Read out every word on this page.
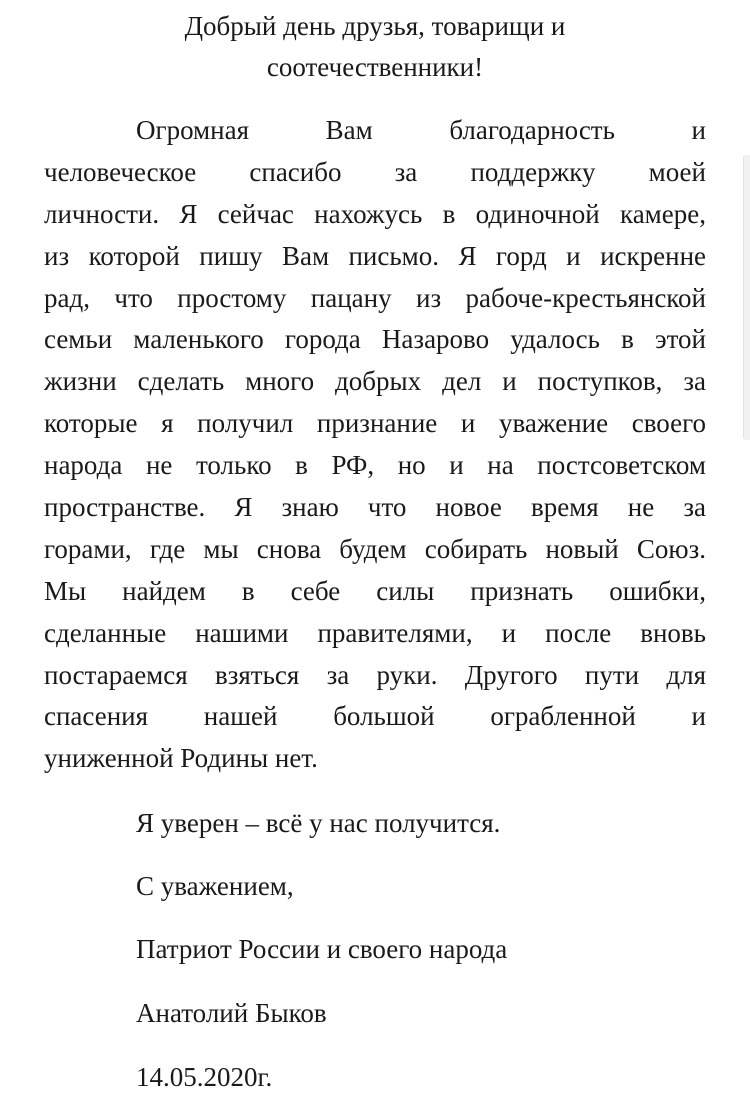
Добрый день друзья, товарищи и
соотечественники!
Огромная Вам благодарность и
человеческое спасибо за поддержку моей
личности. Я сейчас нахожусь в одиночной камере,
из которой пишу Вам письмо. Я горд и искренне
рад, что простому пацану из рабоче-крестьянской
семьи маленького города Назарово удалось в этой
жизни сделать много добрых дел и поступков, за
которые я получил признание и уважение своего
народа не только в РФ, но и на постсоветском
пространстве. Я знаю что новое время не за
горами, где мы снова будем собирать новый Союз.
Мы найдем в себе силы признать ошибки,
сделанные нашими правителями, и после вновь
постараемся взяться за руки. Другого пути для
спасения нашей большой ограбленной и
униженной Родины нет.
Я уверен – всё у нас получится.
С уважением,
Патриот России и своего народа
Анатолий Быков
14.05.2020г.
